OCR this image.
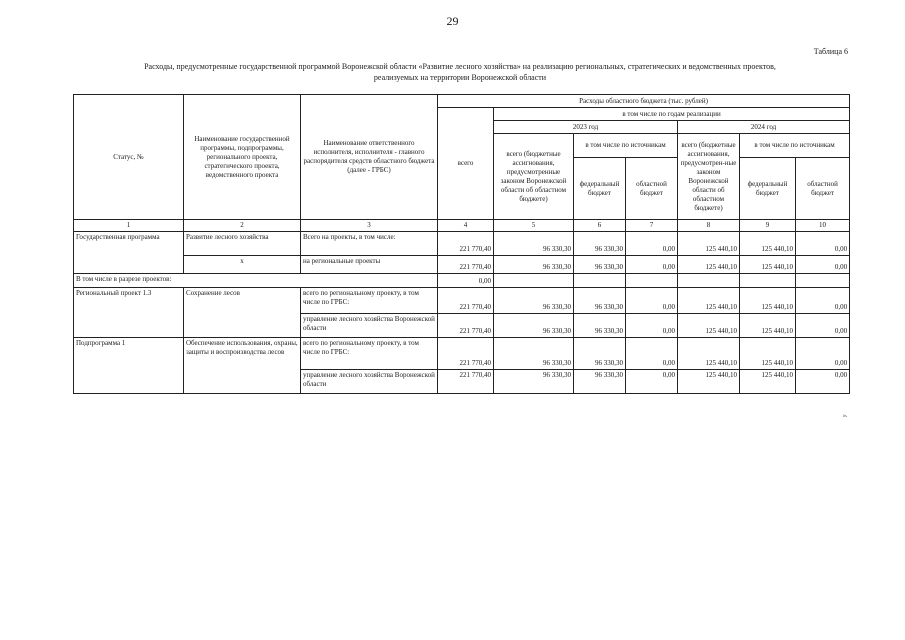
29
Таблица 6
Расходы, предусмотренные государственной программой Воронежской области «Развитие лесного хозяйства» на реализацию региональных, стратегических и ведомственных проектов,
реализуемых на территории Воронежской области
Статус, №	Наименование государственной программы, подпрограммы, регионального проекта, стратегического проекта, ведомственного проекта	Наименование ответственного исполнителя, исполнителя - главного распорядителя средств областного бюджета (далее - ГРБС)	Расходы областного бюджета (тыс. рублей)						
			всего	в том числе по годам реализации					
				2023 год			2024 год		
				всего (бюджетные ассигнования, предусмотренные законом Воронежской области об областном бюджете)	в том числе по источникам		всего (бюджетные ассигнования, предусмотрен-ные законом Воронежской области об областном бюджете)	в том числе по источникам	
					федеральный бюджет	областной бюджет		федеральный бюджет	областной бюджет
1	2	3	4	5	6	7	8	9	10
Государственная программа	Развитие лесного хозяйства	Всего на проекты, в том числе:	221 770,40	96 330,30	96 330,30	0,00	125 440,10	125 440,10	0,00
	x	на региональные проекты	221 770,40	96 330,30	96 330,30	0,00	125 440,10	125 440,10	0,00
В том числе в разрезе проектов:			0,00						
Региональный проект 1.3	Сохранение лесов	всего по региональному проекту, в том числе по ГРБС:	221 770,40	96 330,30	96 330,30	0,00	125 440,10	125 440,10	0,00
		управление лесного хозяйства Воронежской области	221 770,40	96 330,30	96 330,30	0,00	125 440,10	125 440,10	0,00
Подпрограмма 1	Обеспечение использования, охраны, защиты и воспроизводства лесов	всего по региональному проекту, в том числе по ГРБС:	221 770,40	96 330,30	96 330,30	0,00	125 440,10	125 440,10	0,00
		управление лесного хозяйства Воронежской области	221 770,40	96 330,30	96 330,30	0,00	125 440,10	125 440,10	0,00
».
